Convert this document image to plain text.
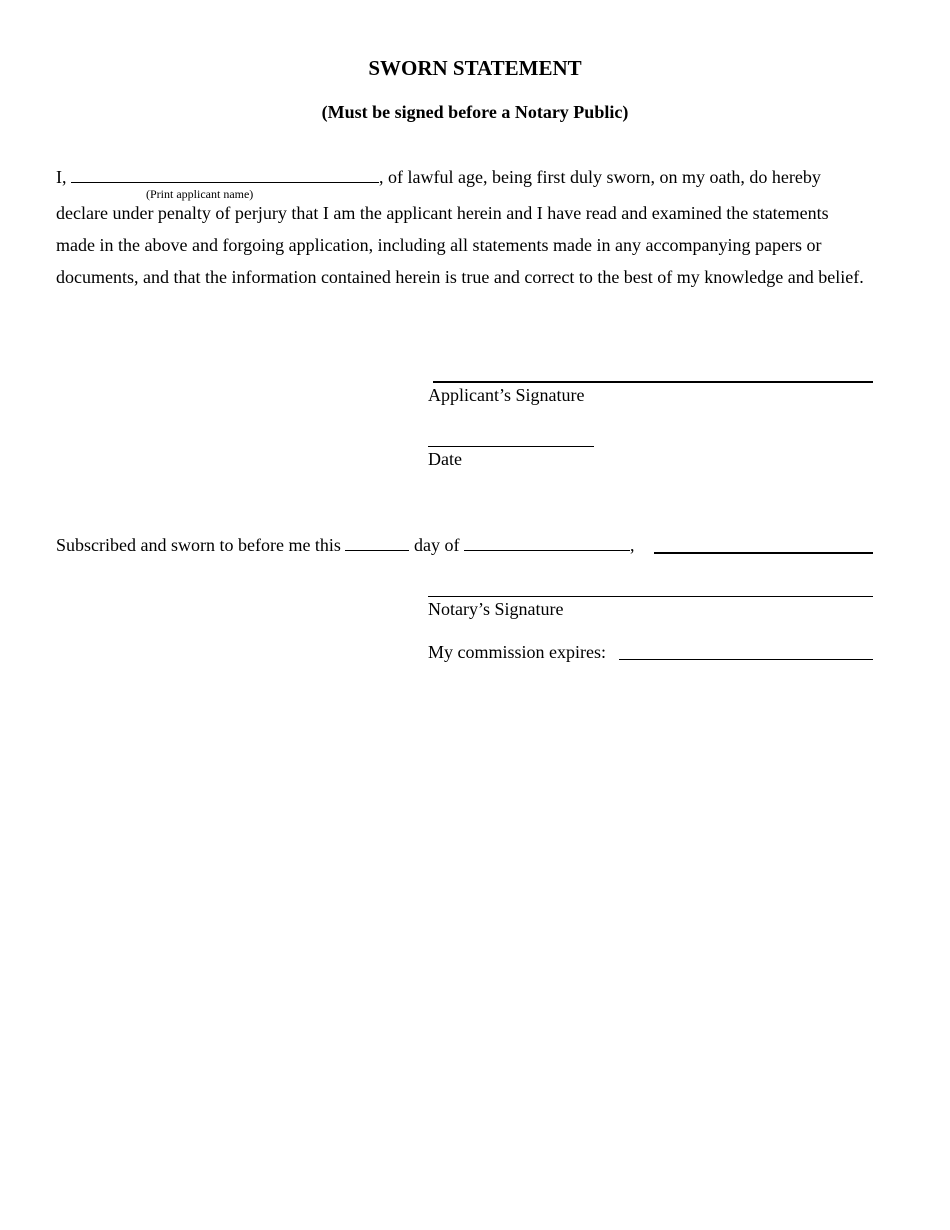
SWORN STATEMENT
(Must be signed before a Notary Public)
I,	, of lawful age, being first duly sworn, on my oath, do hereby
(Print applicant name)
declare under penalty of perjury that I am the applicant herein and I have read and examined the statements
made in the above and forgoing application, including all statements made in any accompanying papers or
documents, and that the information contained herein is true and correct to the best of my knowledge and belief.
Applicant’s Signature
Date
Subscribed and sworn to before me this	day of	,
Notary’s Signature
My commission expires:
